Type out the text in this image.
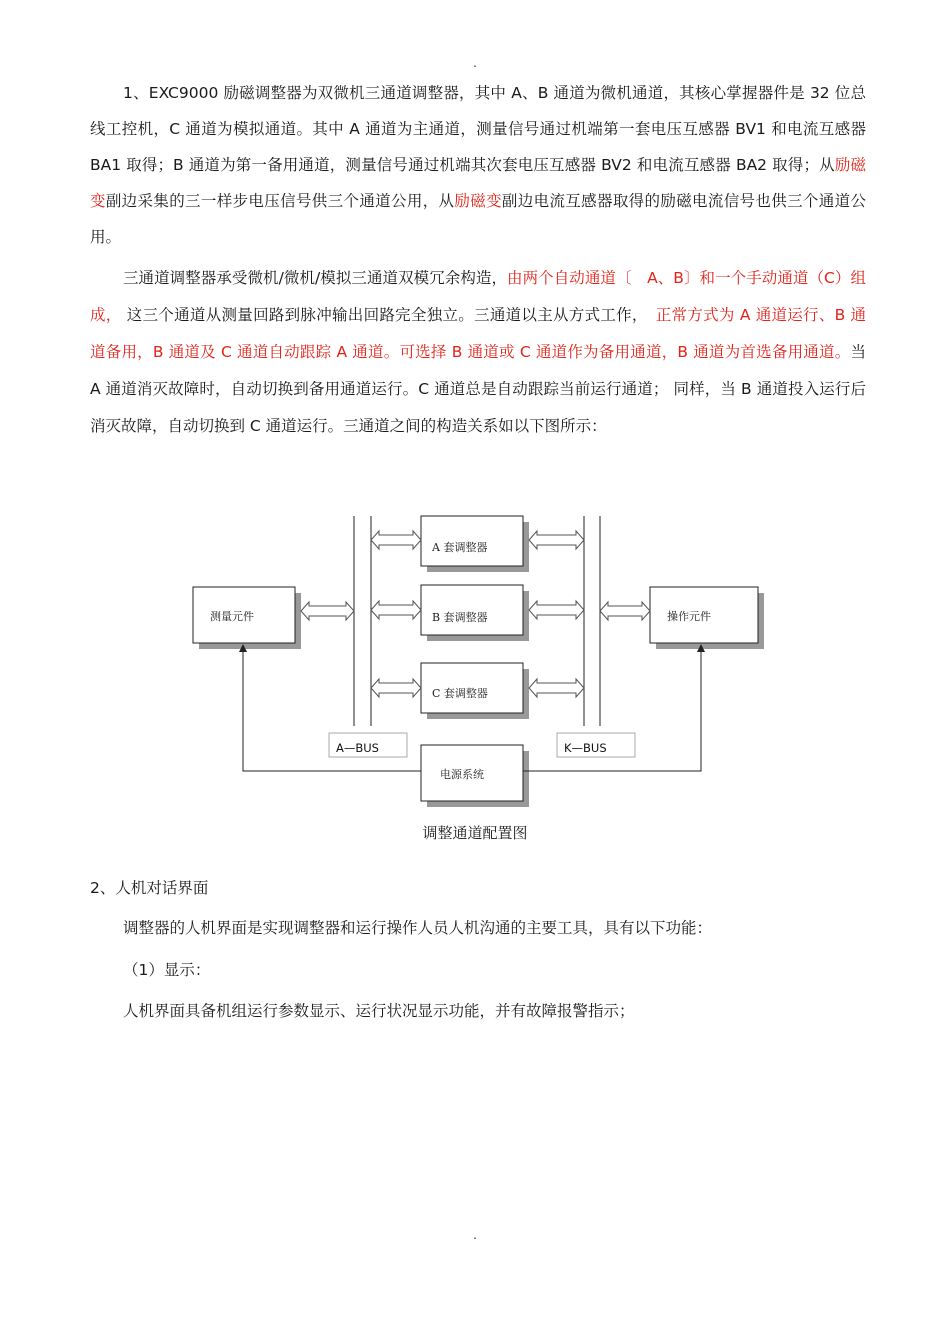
.

1、EXC9000 励磁调整器为双微机三通道调整器，其中 A、B 通道为微机通道，其核心掌握器件是 32 位总线工控机，C 通道为模拟通道。其中 A 通道为主通道，测量信号通过机端第一套电压互感器 BV1 和电流互感器 BA1 取得；B 通道为第一备用通道，测量信号通过机端其次套电压互感器 BV2 和电流互感器 BA2 取得；从励磁变副边采集的三一样步电压信号供三个通道公用，从励磁变副边电流互感器取得的励磁电流信号也供三个通道公用。

三通道调整器承受微机/微机/模拟三通道双模冗余构造，由两个自动通道〔　A、B〕和一个手动通道（C）组成， 这三个通道从测量回路到脉冲输出回路完全独立。三通道以主从方式工作，　正常方式为 A 通道运行、B 通道备用，B 通道及 C 通道自动跟踪 A 通道。可选择 B 通道或 C 通道作为备用通道，B 通道为首选备用通道。当　A 通道消灭故障时，自动切换到备用通道运行。C 通道总是自动跟踪当前运行通道； 同样，当 B 通道投入运行后消灭故障，自动切换到 C 通道运行。三通道之间的构造关系如以下图所示：

测量元件	操作元件
A 套调整器
B 套调整器
C 套调整器
电源系统
A—BUS	K—BUS
调整通道配置图

2、人机对话界面

调整器的人机界面是实现调整器和运行操作人员人机沟通的主要工具，具有以下功能：

（1）显示：

人机界面具备机组运行参数显示、运行状况显示功能，并有故障报警指示；

.
